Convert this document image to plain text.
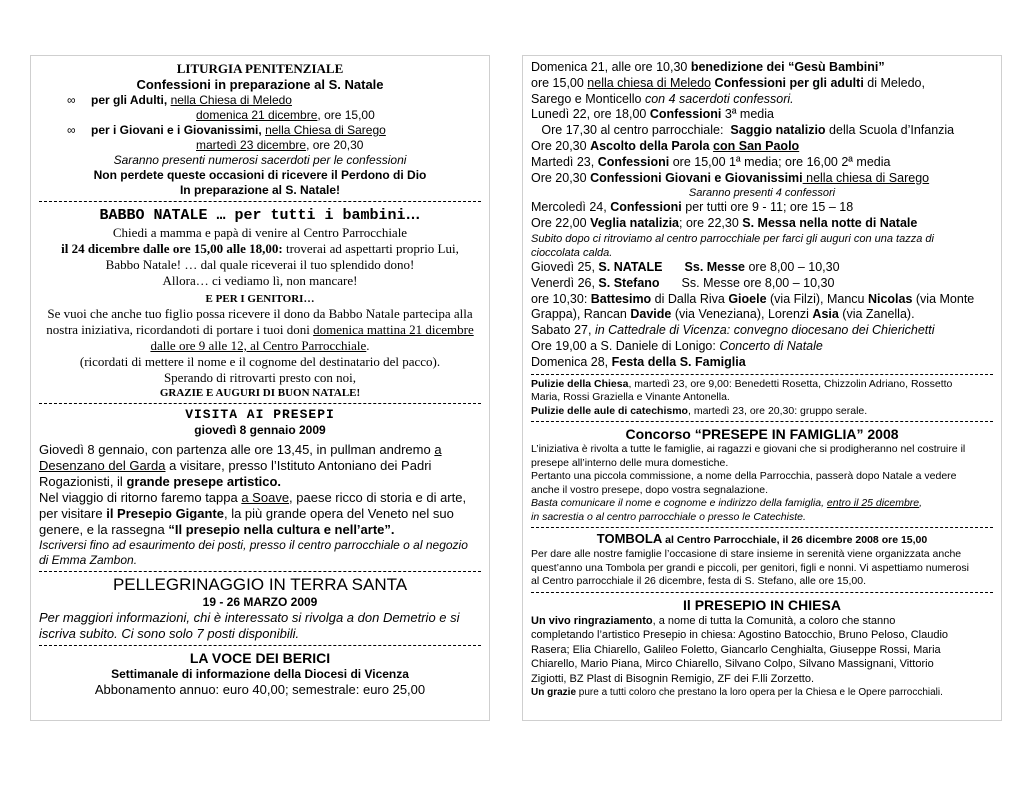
LITURGIA PENITENZIALE
Confessioni in preparazione al S. Natale
∞ per gli Adulti, nella Chiesa di Meledo
domenica 21 dicembre, ore 15,00
∞ per i Giovani e i Giovanissimi, nella Chiesa di Sarego
martedì 23 dicembre, ore 20,30
Saranno presenti numerosi sacerdoti per le confessioni
Non perdete queste occasioni di ricevere il Perdono di Dio
In preparazione al S. Natale!
BABBO NATALE … per tutti i bambini…
Chiedi a mamma e papà di venire al Centro Parrocchiale
il 24 dicembre dalle ore 15,00 alle 18,00: troverai ad aspettarti proprio Lui,
Babbo Natale! … dal quale riceverai il tuo splendido dono!
Allora… ci vediamo lì, non mancare!
E PER I GENITORI…
Se vuoi che anche tuo figlio possa ricevere il dono da Babbo Natale partecipa alla
nostra iniziativa, ricordandoti di portare i tuoi doni domenica mattina 21 dicembre
dalle ore 9 alle 12, al Centro Parrocchiale.
(ricordati di mettere il nome e il cognome del destinatario del pacco).
Sperando di ritrovarti presto con noi,
GRAZIE E AUGURI DI BUON NATALE!
VISITA AI PRESEPI
giovedì 8 gennaio 2009
Giovedì 8 gennaio, con partenza alle ore 13,45, in pullman andremo a
Desenzano del Garda a visitare, presso l’Istituto Antoniano dei Padri
Rogazionisti, il grande presepe artistico.
Nel viaggio di ritorno faremo tappa a Soave, paese ricco di storia e di arte,
per visitare il Presepio Gigante, la più grande opera del Veneto nel suo
genere, e la rassegna “Il presepio nella cultura e nell’arte”.
Iscriversi fino ad esaurimento dei posti, presso il centro parrocchiale o al negozio
di Emma Zambon.
PELLEGRINAGGIO IN TERRA SANTA
19 - 26 MARZO 2009
Per maggiori informazioni, chi è interessato si rivolga a don Demetrio e si
iscriva subito. Ci sono solo 7 posti disponibili.
LA VOCE DEI BERICI
Settimanale di informazione della Diocesi di Vicenza
Abbonamento annuo: euro 40,00; semestrale: euro 25,00
Domenica 21, alle ore 10,30 benedizione dei “Gesù Bambini”
ore 15,00 nella chiesa di Meledo Confessioni per gli adulti di Meledo,
Sarego e Monticello con 4 sacerdoti confessori.
Lunedì 22, ore 18,00 Confessioni 3ª media
Ore 17,30 al centro parrocchiale:  Saggio natalizio della Scuola d’Infanzia
Ore 20,30 Ascolto della Parola con San Paolo
Martedì 23, Confessioni ore 15,00 1ª media; ore 16,00 2ª media
Ore 20,30 Confessioni Giovani e Giovanissimi nella chiesa di Sarego
Saranno presenti 4 confessori
Mercoledì 24, Confessioni per tutti ore 9 - 11; ore 15 – 18
Ore 22,00 Veglia natalizia; ore 22,30 S. Messa nella notte di Natale
Subito dopo ci ritroviamo al centro parrocchiale per farci gli auguri con una tazza di
cioccolata calda.
Giovedì 25, S. NATALE Ss. Messe ore 8,00 – 10,30
Venerdì 26, S. Stefano Ss. Messe ore 8,00 – 10,30
ore 10,30: Battesimo di Dalla Riva Gioele (via Filzi), Mancu Nicolas (via Monte
Grappa), Rancan Davide (via Veneziana), Lorenzi Asia (via Zanella).
Sabato 27, in Cattedrale di Vicenza: convegno diocesano dei Chierichetti
Ore 19,00 a S. Daniele di Lonigo: Concerto di Natale
Domenica 28, Festa della S. Famiglia
Pulizie della Chiesa, martedì 23, ore 9,00: Benedetti Rosetta, Chizzolin Adriano, Rossetto
Maria, Rossi Graziella e Vinante Antonella.
Pulizie delle aule di catechismo, martedì 23, ore 20,30: gruppo serale.
Concorso “PRESEPE IN FAMIGLIA” 2008
L’iniziativa è rivolta a tutte le famiglie, ai ragazzi e giovani che si prodigheranno nel costruire il
presepe all’interno delle mura domestiche.
Pertanto una piccola commissione, a nome della Parrocchia, passerà dopo Natale a vedere
anche il vostro presepe, dopo vostra segnalazione.
Basta comunicare il nome e cognome e indirizzo della famiglia, entro il 25 dicembre,
in sacrestia o al centro parrocchiale o presso le Catechiste.
TOMBOLA al Centro Parrocchiale, il 26 dicembre 2008 ore 15,00
Per dare alle nostre famiglie l’occasione di stare insieme in serenità viene organizzata anche
quest’anno una Tombola per grandi e piccoli, per genitori, figli e nonni. Vi aspettiamo numerosi
al Centro parrocchiale il 26 dicembre, festa di S. Stefano, alle ore 15,00.
Il PRESEPIO IN CHIESA
Un vivo ringraziamento, a nome di tutta la Comunità, a coloro che stanno
completando l’artistico Presepio in chiesa: Agostino Batocchio, Bruno Peloso, Claudio
Rasera; Elia Chiarello, Galileo Foletto, Giancarlo Cenghialta, Giuseppe Rossi, Maria
Chiarello, Mario Piana, Mirco Chiarello, Silvano Colpo, Silvano Massignani, Vittorio
Zigiotti, BZ Plast di Bisognin Remigio, ZF dei F.lli Zorzetto.
Un grazie pure a tutti coloro che prestano la loro opera per la Chiesa e le Opere parrocchiali.
